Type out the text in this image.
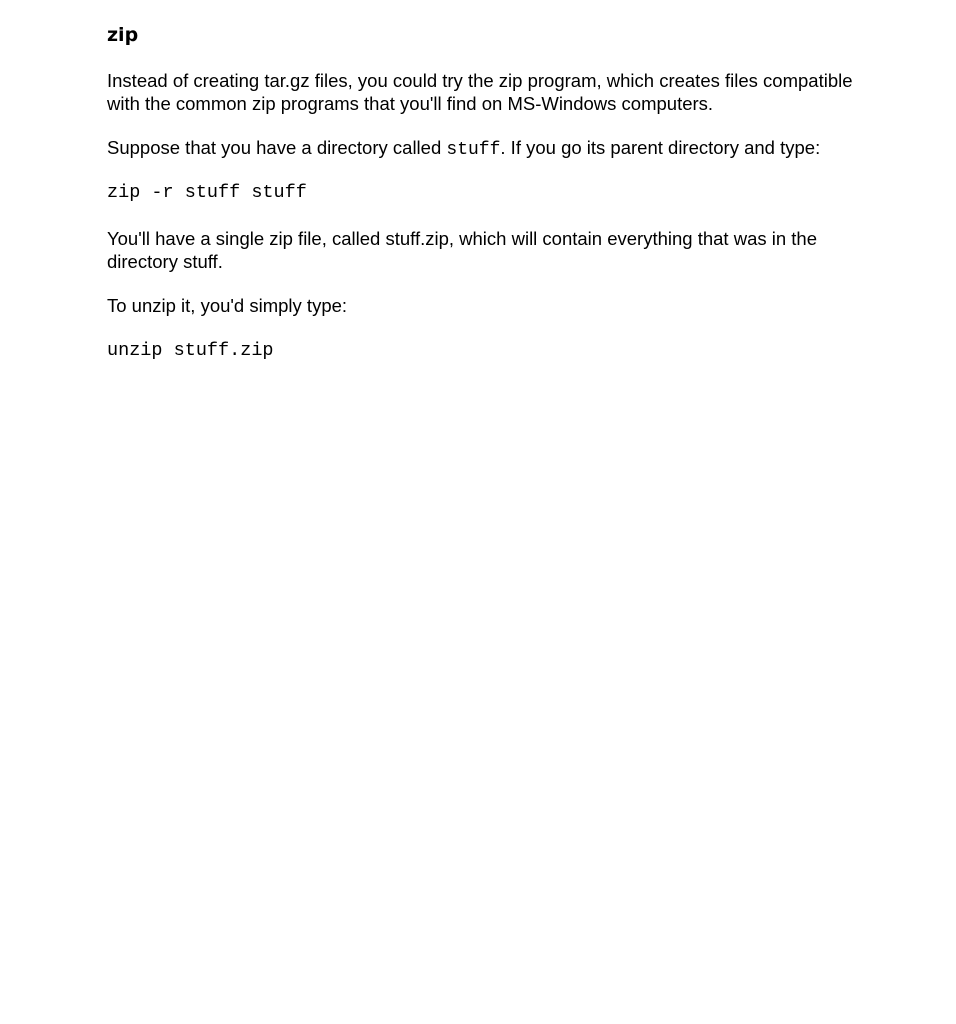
zip

Instead of creating tar.gz files, you could try the zip program, which creates files compatible with the common zip programs that you'll find on MS-Windows computers.

Suppose that you have a directory called stuff. If you go its parent directory and type:

zip -r stuff stuff

You'll have a single zip file, called stuff.zip, which will contain everything that was in the directory stuff.

To unzip it, you'd simply type:

unzip stuff.zip
